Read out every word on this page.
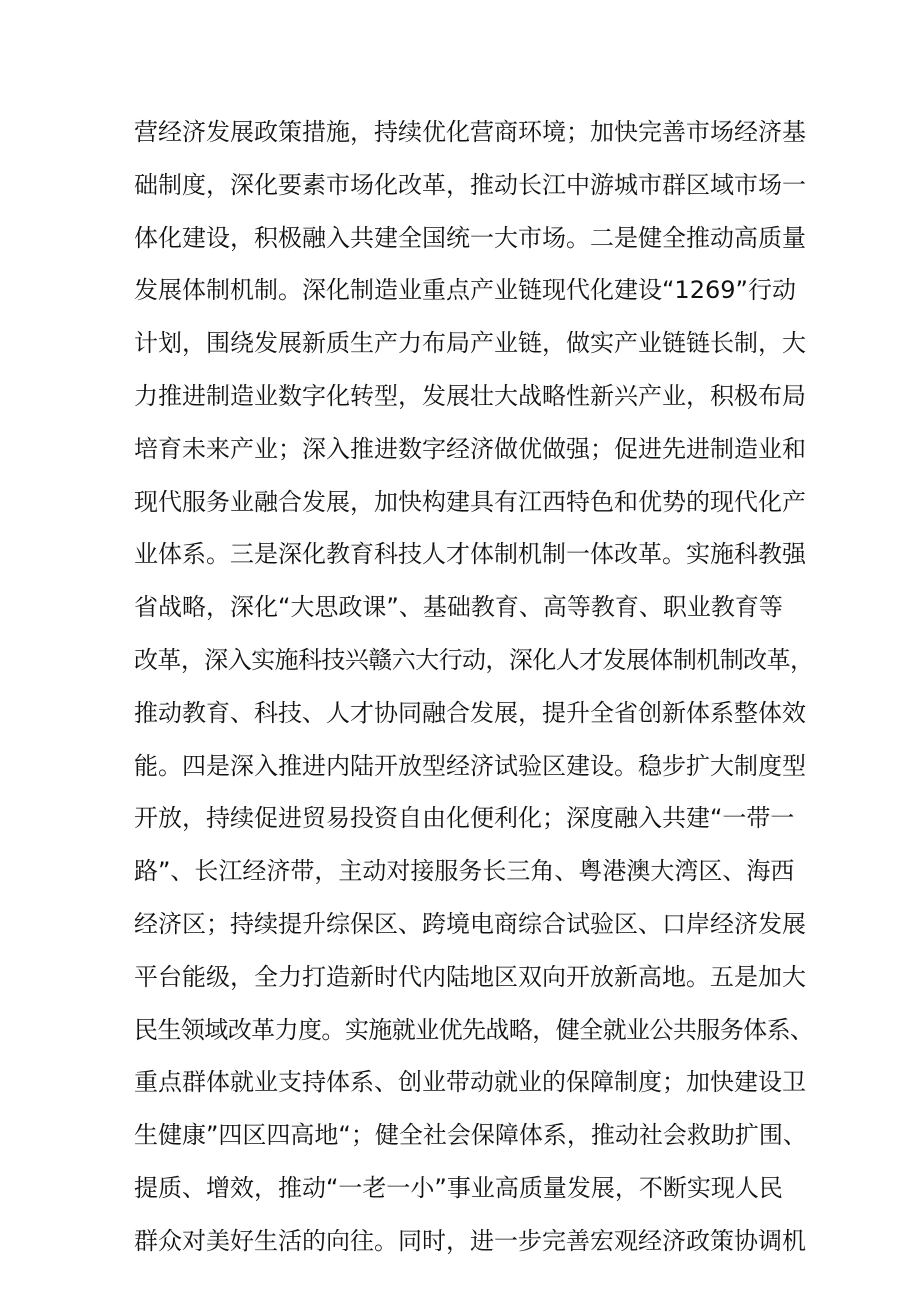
营经济发展政策措施，持续优化营商环境；加快完善市场经济基
础制度，深化要素市场化改革，推动长江中游城市群区域市场一
体化建设，积极融入共建全国统一大市场。二是健全推动高质量
发展体制机制。深化制造业重点产业链现代化建设“1269”行动
计划，围绕发展新质生产力布局产业链，做实产业链链长制，大
力推进制造业数字化转型，发展壮大战略性新兴产业，积极布局
培育未来产业；深入推进数字经济做优做强；促进先进制造业和
现代服务业融合发展，加快构建具有江西特色和优势的现代化产
业体系。三是深化教育科技人才体制机制一体改革。实施科教强
省战略，深化“大思政课”、基础教育、高等教育、职业教育等
改革，深入实施科技兴赣六大行动，深化人才发展体制机制改革，
推动教育、科技、人才协同融合发展，提升全省创新体系整体效
能。四是深入推进内陆开放型经济试验区建设。稳步扩大制度型
开放，持续促进贸易投资自由化便利化；深度融入共建“一带一
路”、长江经济带，主动对接服务长三角、粤港澳大湾区、海西
经济区；持续提升综保区、跨境电商综合试验区、口岸经济发展
平台能级，全力打造新时代内陆地区双向开放新高地。五是加大
民生领域改革力度。实施就业优先战略，健全就业公共服务体系、
重点群体就业支持体系、创业带动就业的保障制度；加快建设卫
生健康”四区四高地“；健全社会保障体系，推动社会救助扩围、
提质、增效，推动“一老一小”事业高质量发展，不断实现人民
群众对美好生活的向往。同时，进一步完善宏观经济政策协调机
